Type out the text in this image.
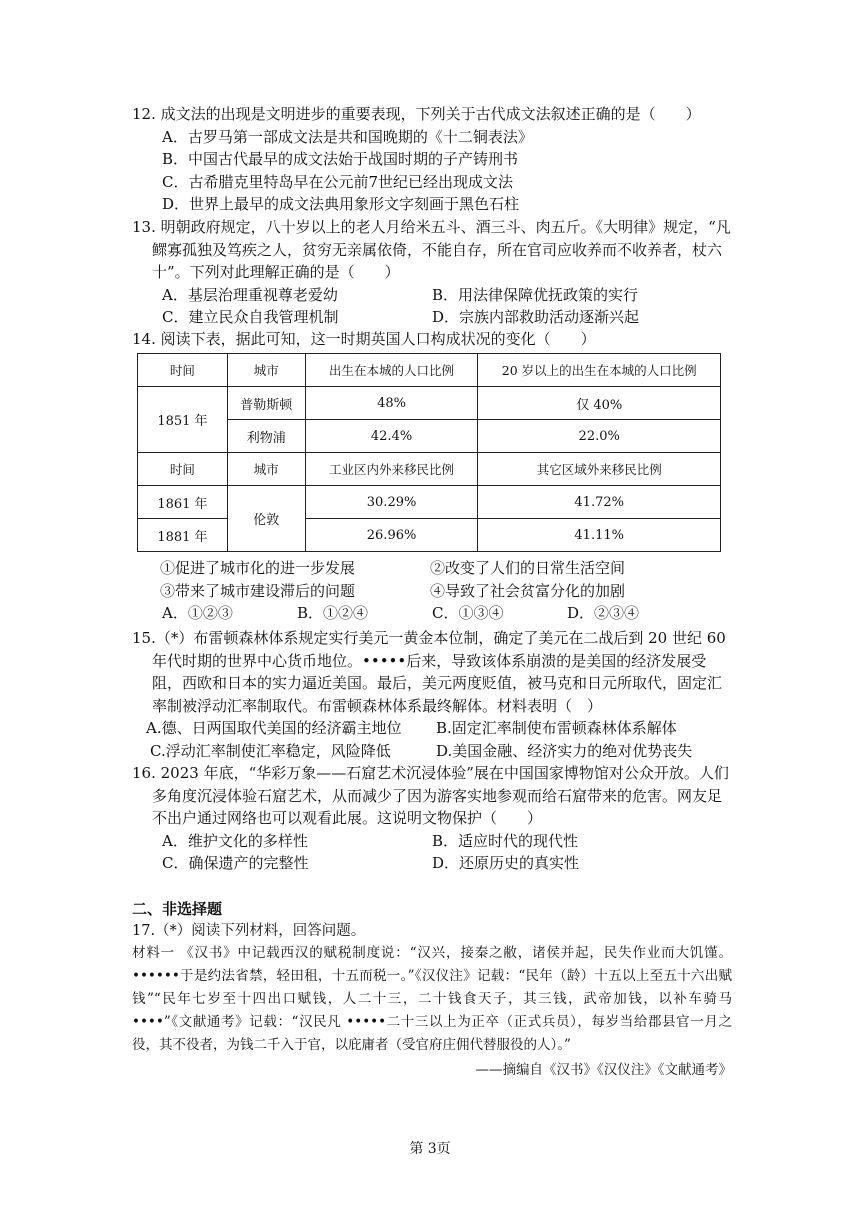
12. 成文法的出现是文明进步的重要表现，下列关于古代成文法叙述正确的是（　　）
A．古罗马第一部成文法是共和国晚期的《十二铜表法》
B．中国古代最早的成文法始于战国时期的子产铸刑书
C．古希腊克里特岛早在公元前7世纪已经出现成文法
D．世界上最早的成文法典用象形文字刻画于黑色石柱
13. 明朝政府规定，八十岁以上的老人月给米五斗、酒三斗、肉五斤。《大明律》规定，“凡鳏寡孤独及笃疾之人，贫穷无亲属依倚，不能自存，所在官司应收养而不收养者，杖六十”。下列对此理解正确的是（　　）
A．基层治理重视尊老爱幼	B．用法律保障优抚政策的实行
C．建立民众自我管理机制	D．宗族内部救助活动逐渐兴起
14. 阅读下表，据此可知，这一时期英国人口构成状况的变化（　　）
时间	城市	出生在本城的人口比例	20 岁以上的出生在本城的人口比例
1851 年	普勒斯顿	48%	仅 40%
	利物浦	42.4%	22.0%
时间	城市	工业区内外来移民比例	其它区域外来移民比例
1861 年	伦敦	30.29%	41.72%
1881 年		26.96%	41.11%
①促进了城市化的进一步发展	②改变了人们的日常生活空间
③带来了城市建设滞后的问题	④导致了社会贫富分化的加剧
A．①②③	B．①②④	C．①③④	D．②③④
15.（*）布雷顿森林体系规定实行美元一黄金本位制，确定了美元在二战后到 20 世纪 60 年代时期的世界中心货币地位。•••••后来，导致该体系崩溃的是美国的经济发展受阻，西欧和日本的实力逼近美国。最后，美元两度贬值，被马克和日元所取代，固定汇率制被浮动汇率制取代。布雷顿森林体系最终解体。材料表明（　）
A.德、日两国取代美国的经济霸主地位	B.固定汇率制使布雷顿森林体系解体
C.浮动汇率制使汇率稳定，风险降低	D.美国金融、经济实力的绝对优势丧失
16. 2023 年底，“华彩万象——石窟艺术沉浸体验”展在中国国家博物馆对公众开放。人们多角度沉浸体验石窟艺术，从而减少了因为游客实地参观而给石窟带来的危害。网友足不出户通过网络也可以观看此展。这说明文物保护（　　）
A．维护文化的多样性	B．适应时代的现代性
C．确保遗产的完整性	D．还原历史的真实性
二、非选择题
17.（*）阅读下列材料，回答问题。
材料一 《汉书》中记载西汉的赋税制度说：“汉兴，接秦之敝，诸侯并起，民失作业而大饥馑。••••••于是约法省禁，轻田租，十五而税一。”《汉仪注》记载：“民年（龄）十五以上至五十六出赋钱”“民年七岁至十四出口赋钱，人二十三，二十钱食天子，其三钱，武帝加钱，以补车骑马 ••••”《文献通考》记载：“汉民凡 •••••二十三以上为正卒（正式兵员），每岁当给郡县官一月之役，其不役者，为钱二千入于官，以庇庸者（受官府庄佣代替服役的人）。”
——摘编自《汉书》《汉仪注》《文献通考》
第 3页
